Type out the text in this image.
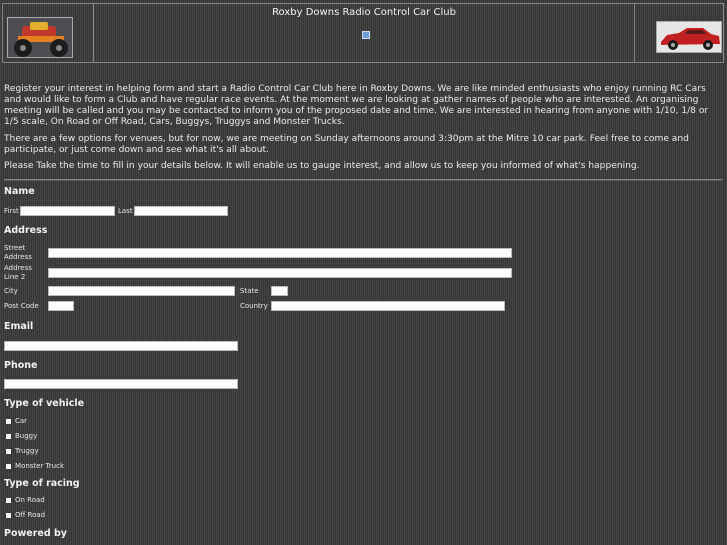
Roxby Downs Radio Control Car Club

Register your interest in helping form and start a Radio Control Car Club here in Roxby Downs. We are like minded enthusiasts who enjoy running RC Cars and would like to form a Club and have regular race events. At the moment we are looking at gather names of people who are interested. An organising meeting will be called and you may be contacted to inform you of the proposed date and time. We are interested in hearing from anyone with 1/10, 1/8 or 1/5 scale, On Road or Off Road, Cars, Buggys, Truggys and Monster Trucks.

There are a few options for venues, but for now, we are meeting on Sunday afternoons around 3:30pm at the Mitre 10 car park. Feel free to come and participate, or just come down and see what it's all about.

Please Take the time to fill in your details below. It will enable us to gauge interest, and allow us to keep you informed of what's happening.

Name
First	Last
Address
Street Address
Address Line 2
City	State
Post Code	Country
Email
Phone
Type of vehicle
Car
Buggy
Truggy
Monster Truck
Type of racing
On Road
Off Road
Powered by
